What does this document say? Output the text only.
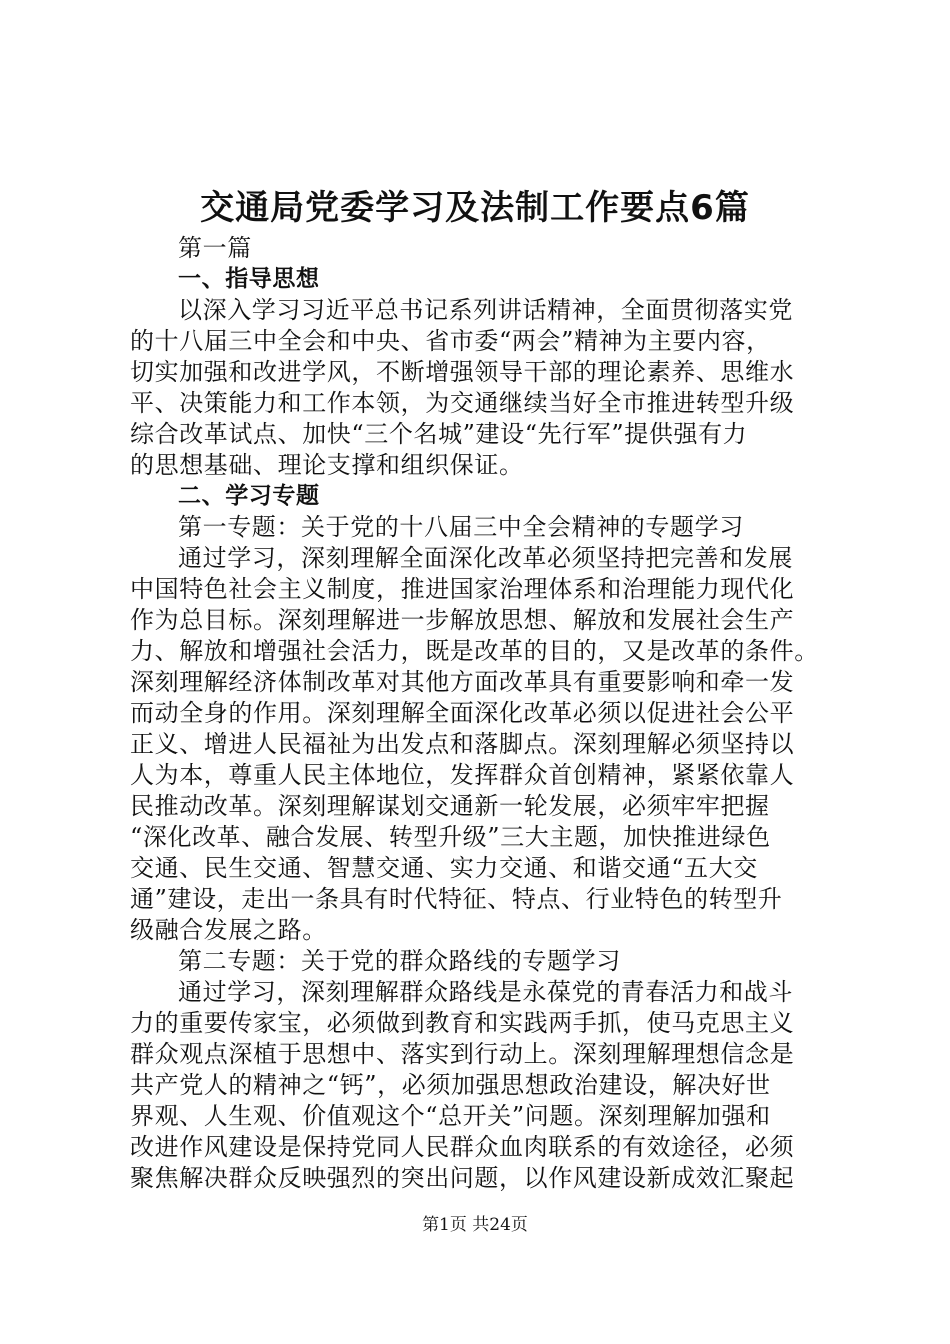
交通局党委学习及法制工作要点6篇
第一篇
一、指导思想
以深入学习习近平总书记系列讲话精神，全面贯彻落实党
的十八届三中全会和中央、省市委“两会”精神为主要内容，
切实加强和改进学风，不断增强领导干部的理论素养、思维水
平、决策能力和工作本领，为交通继续当好全市推进转型升级
综合改革试点、加快“三个名城”建设“先行军”提供强有力
的思想基础、理论支撑和组织保证。
二、学习专题
第一专题：关于党的十八届三中全会精神的专题学习
通过学习，深刻理解全面深化改革必须坚持把完善和发展
中国特色社会主义制度，推进国家治理体系和治理能力现代化
作为总目标。深刻理解进一步解放思想、解放和发展社会生产
力、解放和增强社会活力，既是改革的目的，又是改革的条件。
深刻理解经济体制改革对其他方面改革具有重要影响和牵一发
而动全身的作用。深刻理解全面深化改革必须以促进社会公平
正义、增进人民福祉为出发点和落脚点。深刻理解必须坚持以
人为本，尊重人民主体地位，发挥群众首创精神，紧紧依靠人
民推动改革。深刻理解谋划交通新一轮发展，必须牢牢把握
“深化改革、融合发展、转型升级”三大主题，加快推进绿色
交通、民生交通、智慧交通、实力交通、和谐交通“五大交
通”建设，走出一条具有时代特征、特点、行业特色的转型升
级融合发展之路。
第二专题：关于党的群众路线的专题学习
通过学习，深刻理解群众路线是永葆党的青春活力和战斗
力的重要传家宝，必须做到教育和实践两手抓，使马克思主义
群众观点深植于思想中、落实到行动上。深刻理解理想信念是
共产党人的精神之“钙”，必须加强思想政治建设，解决好世
界观、人生观、价值观这个“总开关”问题。深刻理解加强和
改进作风建设是保持党同人民群众血肉联系的有效途径，必须
聚焦解决群众反映强烈的突出问题，以作风建设新成效汇聚起
第1页 共24页
